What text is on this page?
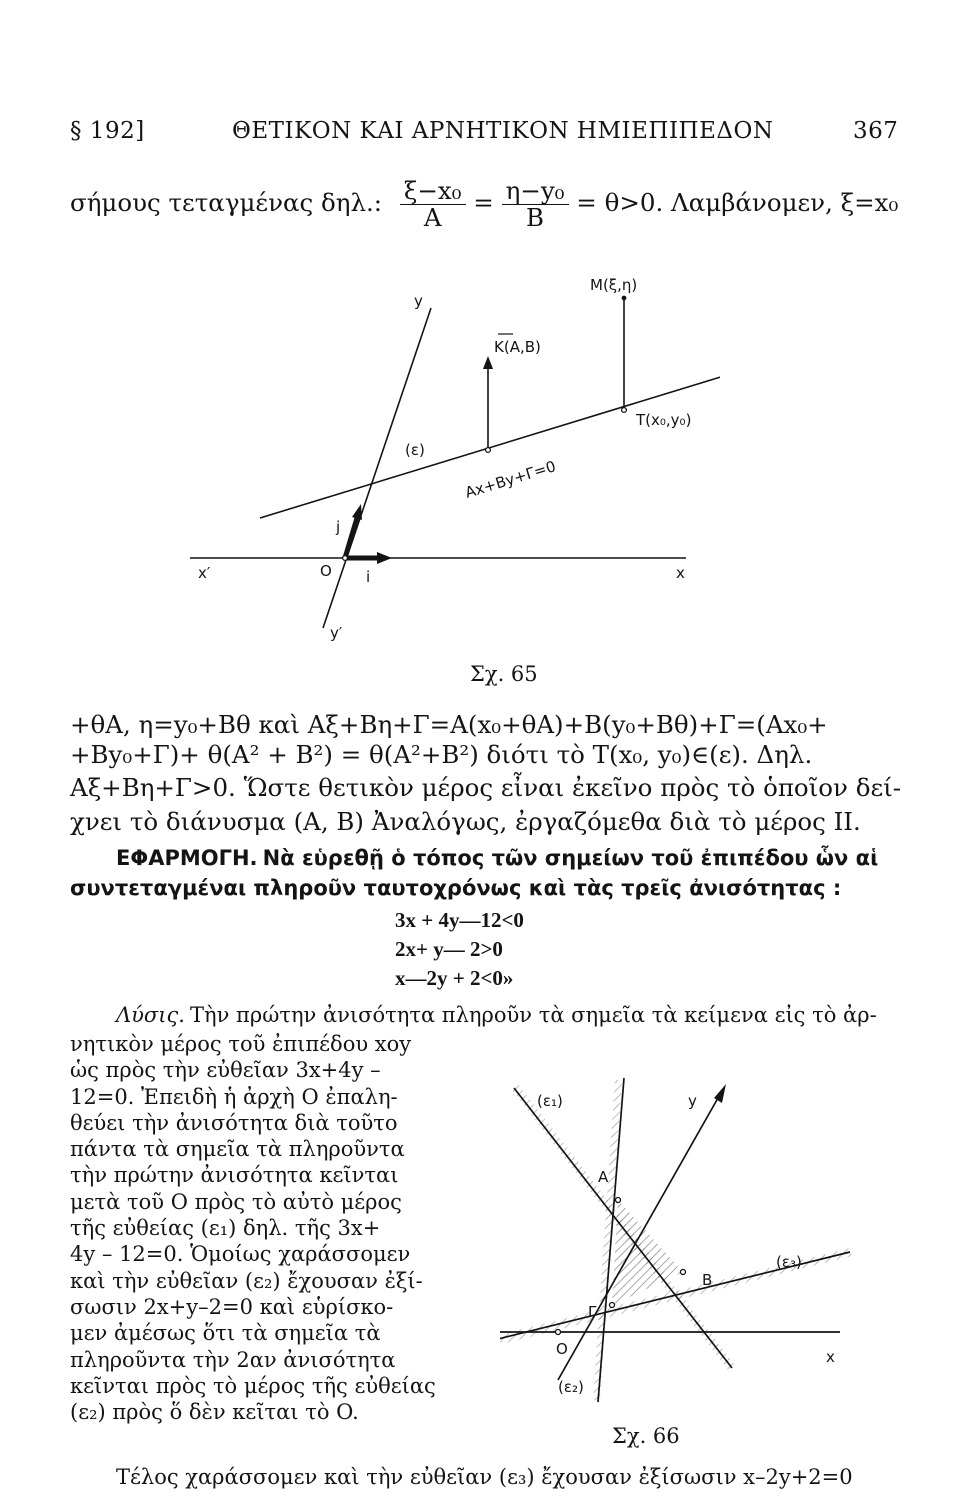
§ 192]	ΘΕΤΙΚΟΝ ΚΑΙ ΑΡΝΗΤΙΚΟΝ ΗΜΙΕΠΙΠΕΔΟΝ	367
σήμους τεταγμένας δηλ.: $\frac{\text{ξ−x₀}}{A} = \frac{\text{η−y₀}}{B} = \theta>0$. Λαμβάνομεν, ξ=x₀
M(ξ,η)
K(A,B)
T(x₀,y₀)
(ε)
Ax+By+Γ=0
y
y′
x
x′	O i
j
Σχ. 65
+θA, η=y₀+Bθ καὶ Aξ+Bη+Γ=A(x₀+θA)+B(y₀+Bθ)+Γ=(Ax₀+
+By₀+Γ)+ θ(A² + B²) = θ(A²+B²) διότι τὸ T(x₀, y₀)∈(ε). Δηλ.
Aξ+Bη+Γ>0. Ὥστε θετικὸν μέρος εἶναι ἐκεῖνο πρὸς τὸ ὁποῖον δεί-
χνει τὸ διάνυσμα (A, B) Ἀναλόγως, ἐργαζόμεθα διὰ τὸ μέρος II.
ΕΦΑΡΜΟΓΗ. Νὰ εὑρεθῇ ὁ τόπος τῶν σημείων τοῦ ἐπιπέδου ὧν αἱ
συντεταγμέναι πληροῦν ταυτοχρόνως καὶ τὰς τρεῖς ἀνισότητας :
3x + 4y—12<0
2x+ y— 2>0
x—2y + 2<0»
Λύσις. Τὴν πρώτην ἀνισότητα πληροῦν τὰ σημεῖα τὰ κείμενα εἰς τὸ ἀρ-
νητικὸν μέρος τοῦ ἐπιπέδου xoy
ὡς πρὸς τὴν εὐθεῖαν 3x+4y –
12=0. Ἐπειδὴ ἡ ἀρχὴ O ἐπαλη-
θεύει τὴν ἀνισότητα διὰ τοῦτο
πάντα τὰ σημεῖα τὰ πληροῦντα
τὴν πρώτην ἀνισότητα κεῖνται
μετὰ τοῦ O πρὸς τὸ αὐτὸ μέρος
τῆς εὐθείας (ε₁) δηλ. τῆς 3x+
4y – 12=0. Ὁμοίως χαράσσομεν
καὶ τὴν εὐθεῖαν (ε₂) ἔχουσαν ἐξί-
σωσιν 2x+y–2=0 καὶ εὑρίσκο-
μεν ἀμέσως ὅτι τὰ σημεῖα τὰ
πληροῦντα τὴν 2αν ἀνισότητα
κεῖνται πρὸς τὸ μέρος τῆς εὐθείας
(ε₂) πρὸς ὅ δὲν κεῖται τὸ O.
(ε₁)
(ε₂)
(ε₃)
y
x
O
A
B
Γ
Σχ. 66
Τέλος χαράσσομεν καὶ τὴν εὐθεῖαν (ε₃) ἔχουσαν ἐξίσωσιν x–2y+2=0
